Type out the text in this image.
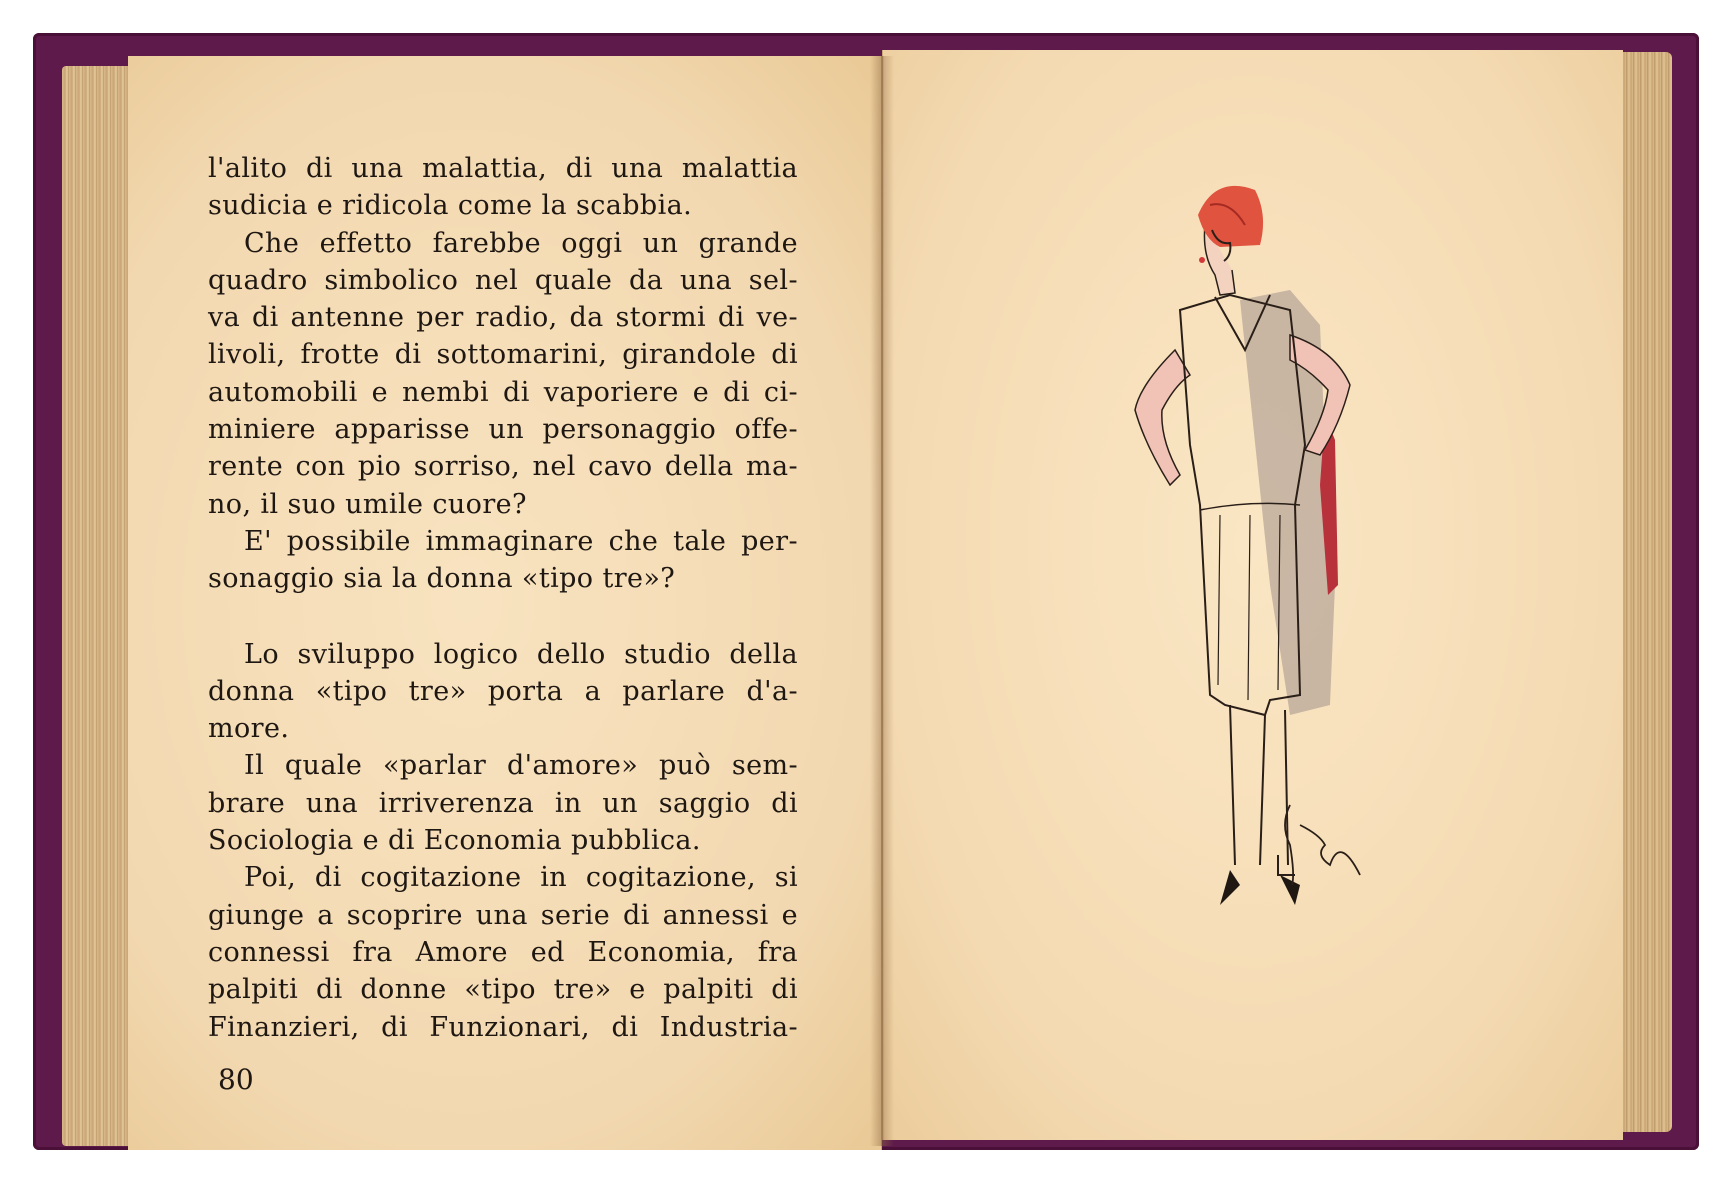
l'alito di una malattia, di una malattia
sudicia e ridicola come la scabbia.
Che effetto farebbe oggi un grande
quadro simbolico nel quale da una sel-
va di antenne per radio, da stormi di ve-
livoli, frotte di sottomarini, girandole di
automobili e nembi di vaporiere e di ci-
miniere apparisse un personaggio offe-
rente con pio sorriso, nel cavo della ma-
no, il suo umile cuore?
E' possibile immaginare che tale per-
sonaggio sia la donna «tipo tre»?
Lo sviluppo logico dello studio della
donna «tipo tre» porta a parlare d'a-
more.
Il quale «parlar d'amore» può sem-
brare una irriverenza in un saggio di
Sociologia e di Economia pubblica.
Poi, di cogitazione in cogitazione, si
giunge a scoprire una serie di annessi e
connessi fra Amore ed Economia, fra
palpiti di donne «tipo tre» e palpiti di
Finanzieri, di Funzionari, di Industria-
80
